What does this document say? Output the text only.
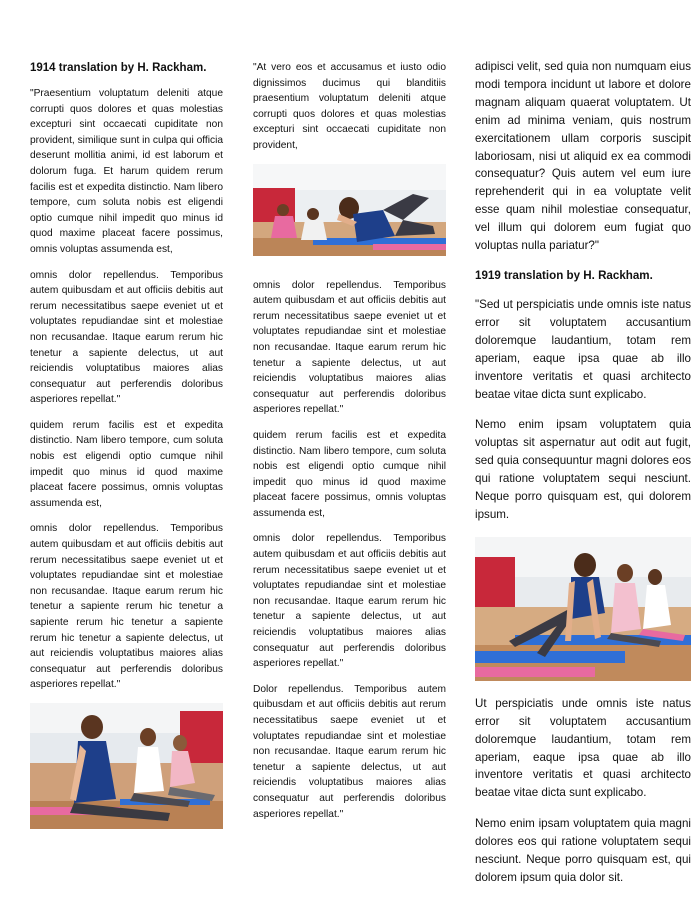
1914 translation by H. Rackham.

"Praesentium voluptatum deleniti atque corrupti quos dolores et quas molestias excepturi sint occaecati cupiditate non provident, similique sunt in culpa qui officia deserunt mollitia animi, id est laborum et dolorum fuga. Et harum quidem rerum facilis est et expedita distinctio. Nam libero tempore, cum soluta nobis est eligendi optio cumque nihil impedit quo minus id quod maxime placeat facere possimus, omnis voluptas assumenda est,

omnis dolor repellendus. Temporibus autem quibusdam et aut officiis debitis aut rerum necessitatibus saepe eveniet ut et voluptates repudiandae sint et molestiae non recusandae. Itaque earum rerum hic tenetur a sapiente delectus, ut aut reiciendis voluptatibus maiores alias consequatur aut perferendis doloribus asperiores repellat."

quidem rerum facilis est et expedita distinctio. Nam libero tempore, cum soluta nobis est eligendi optio cumque nihil impedit quo minus id quod maxime placeat facere possimus, omnis voluptas assumenda est,

omnis dolor repellendus. Temporibus autem quibusdam et aut officiis debitis aut rerum necessitatibus saepe eveniet ut et voluptates repudiandae sint et molestiae non recusandae. Itaque earum rerum hic tenetur a sapiente rerum hic tenetur a sapiente rerum hic tenetur a sapiente rerum hic tenetur a sapiente delectus, ut aut reiciendis voluptatibus maiores alias consequatur aut perferendis doloribus asperiores repellat."

"At vero eos et accusamus et iusto odio dignissimos ducimus qui blanditiis praesentium voluptatum deleniti atque corrupti quos dolores et quas molestias excepturi sint occaecati cupiditate non provident,

omnis dolor repellendus. Temporibus autem quibusdam et aut officiis debitis aut rerum necessitatibus saepe eveniet ut et voluptates repudiandae sint et molestiae non recusandae. Itaque earum rerum hic tenetur a sapiente delectus, ut aut reiciendis voluptatibus maiores alias consequatur aut perferendis doloribus asperiores repellat."

quidem rerum facilis est et expedita distinctio. Nam libero tempore, cum soluta nobis est eligendi optio cumque nihil impedit quo minus id quod maxime placeat facere possimus, omnis voluptas assumenda est,

omnis dolor repellendus. Temporibus autem quibusdam et aut officiis debitis aut rerum necessitatibus saepe eveniet ut et voluptates repudiandae sint et molestiae non recusandae. Itaque earum rerum hic tenetur a sapiente delectus, ut aut reiciendis voluptatibus maiores alias consequatur aut perferendis doloribus asperiores repellat."

Dolor repellendus. Temporibus autem quibusdam et aut officiis debitis aut rerum necessitatibus saepe eveniet ut et voluptates repudiandae sint et molestiae non recusandae. Itaque earum rerum hic tenetur a sapiente delectus, ut aut reiciendis voluptatibus maiores alias consequatur aut perferendis doloribus asperiores repellat."

adipisci velit, sed quia non numquam eius modi tempora incidunt ut labore et dolore magnam aliquam quaerat voluptatem. Ut enim ad minima veniam, quis nostrum exercitationem ullam corporis suscipit laboriosam, nisi ut aliquid ex ea commodi consequatur? Quis autem vel eum iure reprehenderit qui in ea voluptate velit esse quam nihil molestiae consequatur, vel illum qui dolorem eum fugiat quo voluptas nulla pariatur?"

1919 translation by H. Rackham.

"Sed ut perspiciatis unde omnis iste natus error sit voluptatem accusantium doloremque laudantium, totam rem aperiam, eaque ipsa quae ab illo inventore veritatis et quasi architecto beatae vitae dicta sunt explicabo.

Nemo enim ipsam voluptatem quia voluptas sit aspernatur aut odit aut fugit, sed quia consequuntur magni dolores eos qui ratione voluptatem sequi nesciunt. Neque porro quisquam est, qui dolorem ipsum.

Ut perspiciatis unde omnis iste natus error sit voluptatem accusantium doloremque laudantium, totam rem aperiam, eaque ipsa quae ab illo inventore veritatis et quasi architecto beatae vitae dicta sunt explicabo.

Nemo enim ipsam voluptatem quia magni dolores eos qui ratione voluptatem sequi nesciunt. Neque porro quisquam est, qui dolorem ipsum quia dolor sit.
